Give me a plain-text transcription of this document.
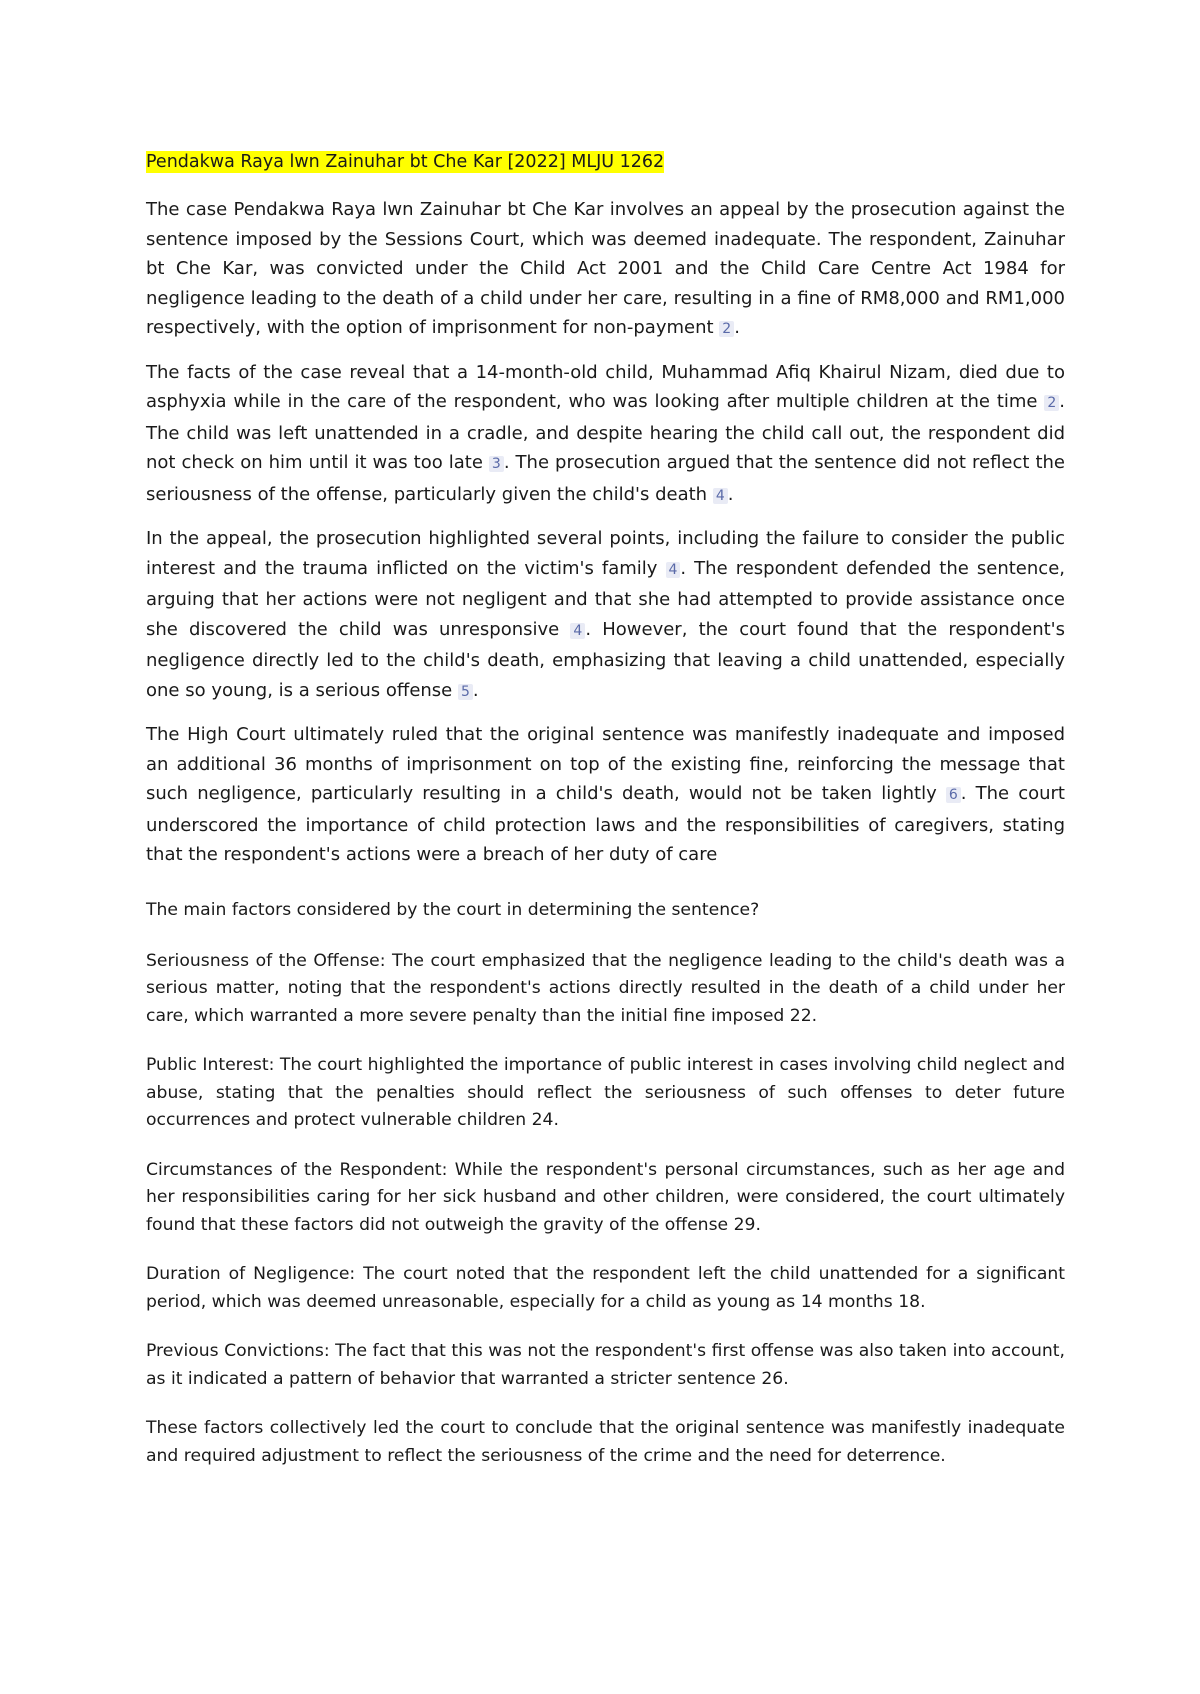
Pendakwa Raya lwn Zainuhar bt Che Kar [2022] MLJU 1262

The case Pendakwa Raya lwn Zainuhar bt Che Kar involves an appeal by the prosecution against the sentence imposed by the Sessions Court, which was deemed inadequate. The respondent, Zainuhar bt Che Kar, was convicted under the Child Act 2001 and the Child Care Centre Act 1984 for negligence leading to the death of a child under her care, resulting in a fine of RM8,000 and RM1,000 respectively, with the option of imprisonment for non-payment 2 .

The facts of the case reveal that a 14-month-old child, Muhammad Afiq Khairul Nizam, died due to asphyxia while in the care of the respondent, who was looking after multiple children at the time 2 . The child was left unattended in a cradle, and despite hearing the child call out, the respondent did not check on him until it was too late 3 . The prosecution argued that the sentence did not reflect the seriousness of the offense, particularly given the child's death 4 .

In the appeal, the prosecution highlighted several points, including the failure to consider the public interest and the trauma inflicted on the victim's family 4 . The respondent defended the sentence, arguing that her actions were not negligent and that she had attempted to provide assistance once she discovered the child was unresponsive 4 . However, the court found that the respondent's negligence directly led to the child's death, emphasizing that leaving a child unattended, especially one so young, is a serious offense 5 .

The High Court ultimately ruled that the original sentence was manifestly inadequate and imposed an additional 36 months of imprisonment on top of the existing fine, reinforcing the message that such negligence, particularly resulting in a child's death, would not be taken lightly 6 . The court underscored the importance of child protection laws and the responsibilities of caregivers, stating that the respondent's actions were a breach of her duty of care

The main factors considered by the court in determining the sentence?

Seriousness of the Offense: The court emphasized that the negligence leading to the child's death was a serious matter, noting that the respondent's actions directly resulted in the death of a child under her care, which warranted a more severe penalty than the initial fine imposed 22.

Public Interest: The court highlighted the importance of public interest in cases involving child neglect and abuse, stating that the penalties should reflect the seriousness of such offenses to deter future occurrences and protect vulnerable children 24.

Circumstances of the Respondent: While the respondent's personal circumstances, such as her age and her responsibilities caring for her sick husband and other children, were considered, the court ultimately found that these factors did not outweigh the gravity of the offense 29.

Duration of Negligence: The court noted that the respondent left the child unattended for a significant period, which was deemed unreasonable, especially for a child as young as 14 months 18.

Previous Convictions: The fact that this was not the respondent's first offense was also taken into account, as it indicated a pattern of behavior that warranted a stricter sentence 26.

These factors collectively led the court to conclude that the original sentence was manifestly inadequate and required adjustment to reflect the seriousness of the crime and the need for deterrence.
